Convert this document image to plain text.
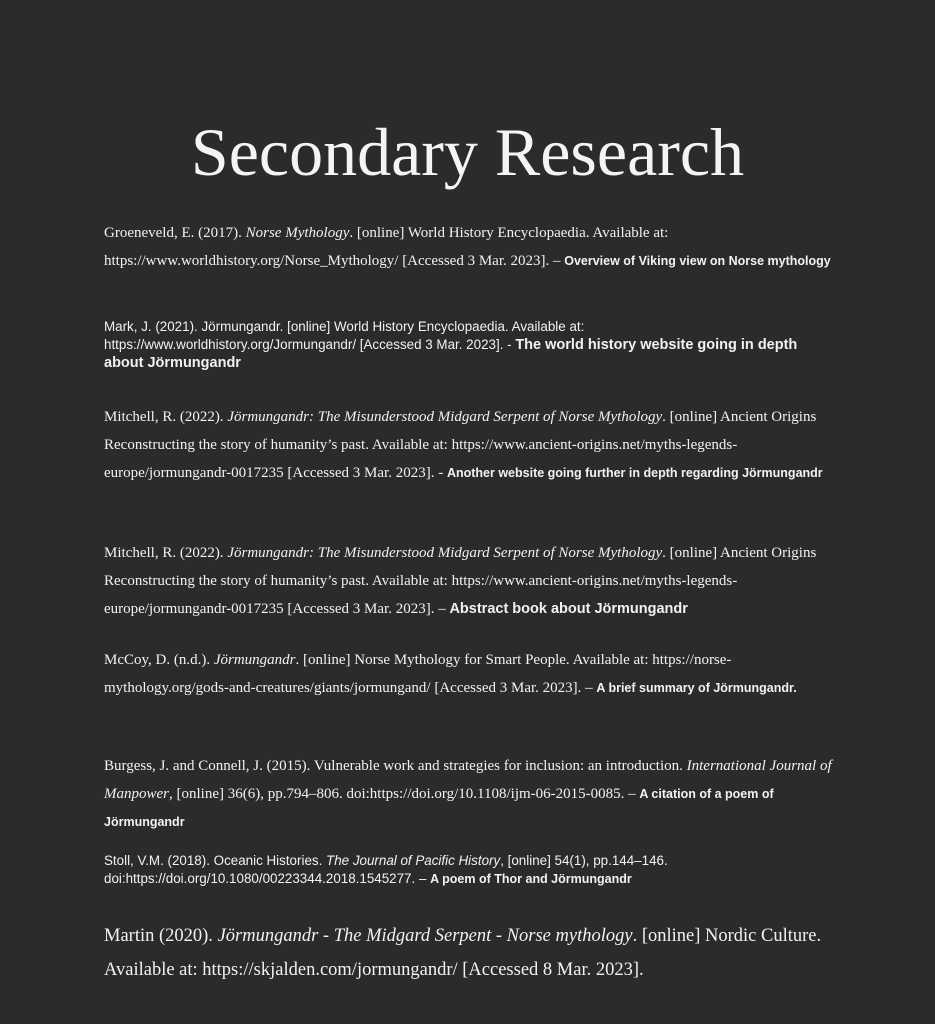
Secondary Research

Groeneveld, E. (2017). Norse Mythology. [online] World History Encyclopaedia. Available at: https://www.worldhistory.org/Norse_Mythology/ [Accessed 3 Mar. 2023]. – Overview of Viking view on Norse mythology

Mark, J. (2021). Jörmungandr. [online] World History Encyclopaedia. Available at: https://www.worldhistory.org/Jormungandr/ [Accessed 3 Mar. 2023]. - The world history website going in depth about Jörmungandr

Mitchell, R. (2022). Jörmungandr: The Misunderstood Midgard Serpent of Norse Mythology. [online] Ancient Origins Reconstructing the story of humanity’s past. Available at: https://www.ancient-origins.net/myths-legends-europe/jormungandr-0017235 [Accessed 3 Mar. 2023]. - Another website going further in depth regarding Jörmungandr

Mitchell, R. (2022). Jörmungandr: The Misunderstood Midgard Serpent of Norse Mythology. [online] Ancient Origins Reconstructing the story of humanity’s past. Available at: https://www.ancient-origins.net/myths-legends-europe/jormungandr-0017235 [Accessed 3 Mar. 2023]. – Abstract book about Jörmungandr

McCoy, D. (n.d.). Jörmungandr. [online] Norse Mythology for Smart People. Available at: https://norse-mythology.org/gods-and-creatures/giants/jormungand/ [Accessed 3 Mar. 2023]. – A brief summary of Jörmungandr.

Burgess, J. and Connell, J. (2015). Vulnerable work and strategies for inclusion: an introduction. International Journal of Manpower, [online] 36(6), pp.794–806. doi:https://doi.org/10.1108/ijm-06-2015-0085. – A citation of a poem of Jörmungandr

Stoll, V.M. (2018). Oceanic Histories. The Journal of Pacific History, [online] 54(1), pp.144–146. doi:https://doi.org/10.1080/00223344.2018.1545277. – A poem of Thor and Jörmungandr

Martin (2020). Jörmungandr - The Midgard Serpent - Norse mythology. [online] Nordic Culture. Available at: https://skjalden.com/jormungandr/ [Accessed 8 Mar. 2023].
